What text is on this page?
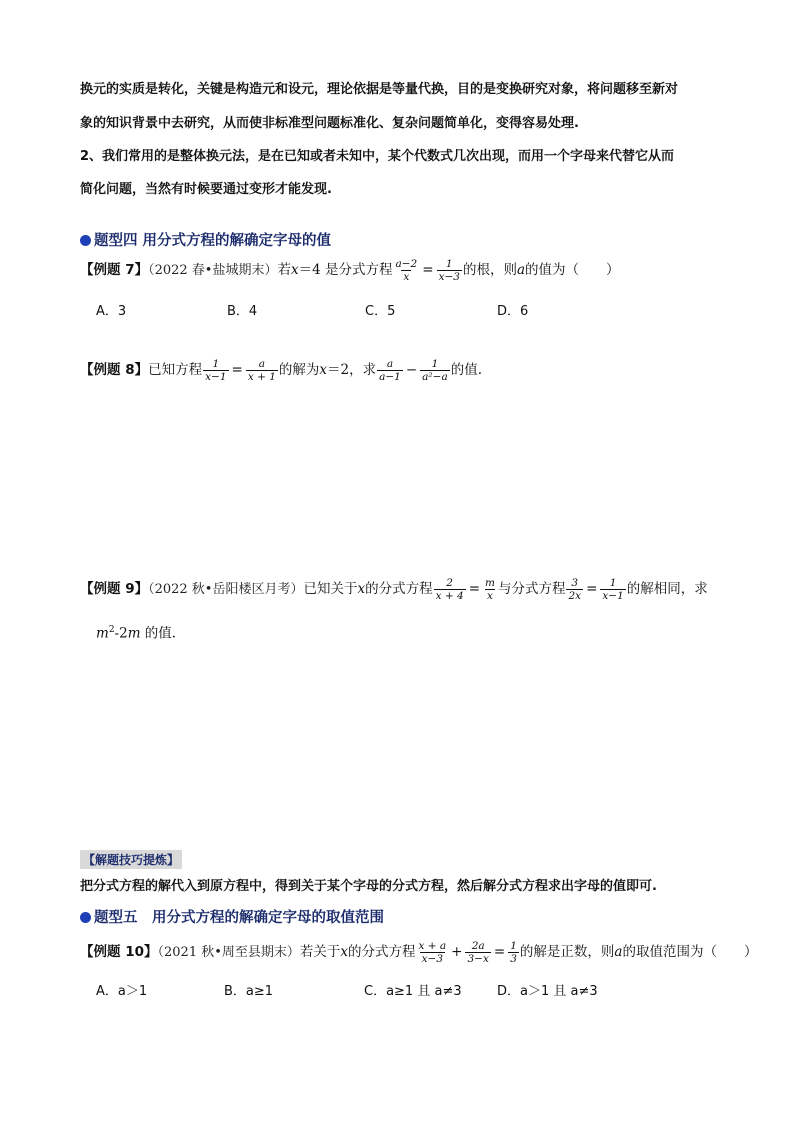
换元的实质是转化，关键是构造元和设元，理论依据是等量代换，目的是变换研究对象，将问题移至新对
象的知识背景中去研究，从而使非标准型问题标准化、复杂问题简单化，变得容易处理.
2、我们常用的是整体换元法，是在已知或者未知中，某个代数式几次出现，而用一个字母来代替它从而
简化问题，当然有时候要通过变形才能发现.
题型四 用分式方程的解确定字母的值
【例题 7】（2022 春•盐城期末）若x＝4 是分式方程 $\frac{a-2}{x} = \frac{1}{x-3}$ 的根，则a的值为（　　）
A．3	B．4	C．5	D．6
【例题 8】已知方程 $\frac{1}{x-1} = \frac{a}{x + 1}$ 的解为x＝2，求 $\frac{a}{a-1} - \frac{1}{\text{a²−a}}$ 的值.
【例题 9】（2022 秋•岳阳楼区月考）已知关于x的分式方程 $\frac{2}{x + 4} = \frac{m}{x}$ 与分式方程 $\frac{3}{2x} = \frac{1}{x-1}$ 的解相同，求
$m^2-2m$ 的值.
【解题技巧提炼】
把分式方程的解代入到原方程中，得到关于某个字母的分式方程，然后解分式方程求出字母的值即可.
题型五　用分式方程的解确定字母的取值范围
【例题 10】（2021 秋•周至县期末）若关于x的分式方程 $\frac{x + a}{x-3} + \frac{2a}{3-x} = \frac{1}{3}$ 的解是正数，则a的取值范围为（　　）
A．a＞1	B．a≥1	C．a≥1 且 a≠3	D．a＞1 且 a≠3
